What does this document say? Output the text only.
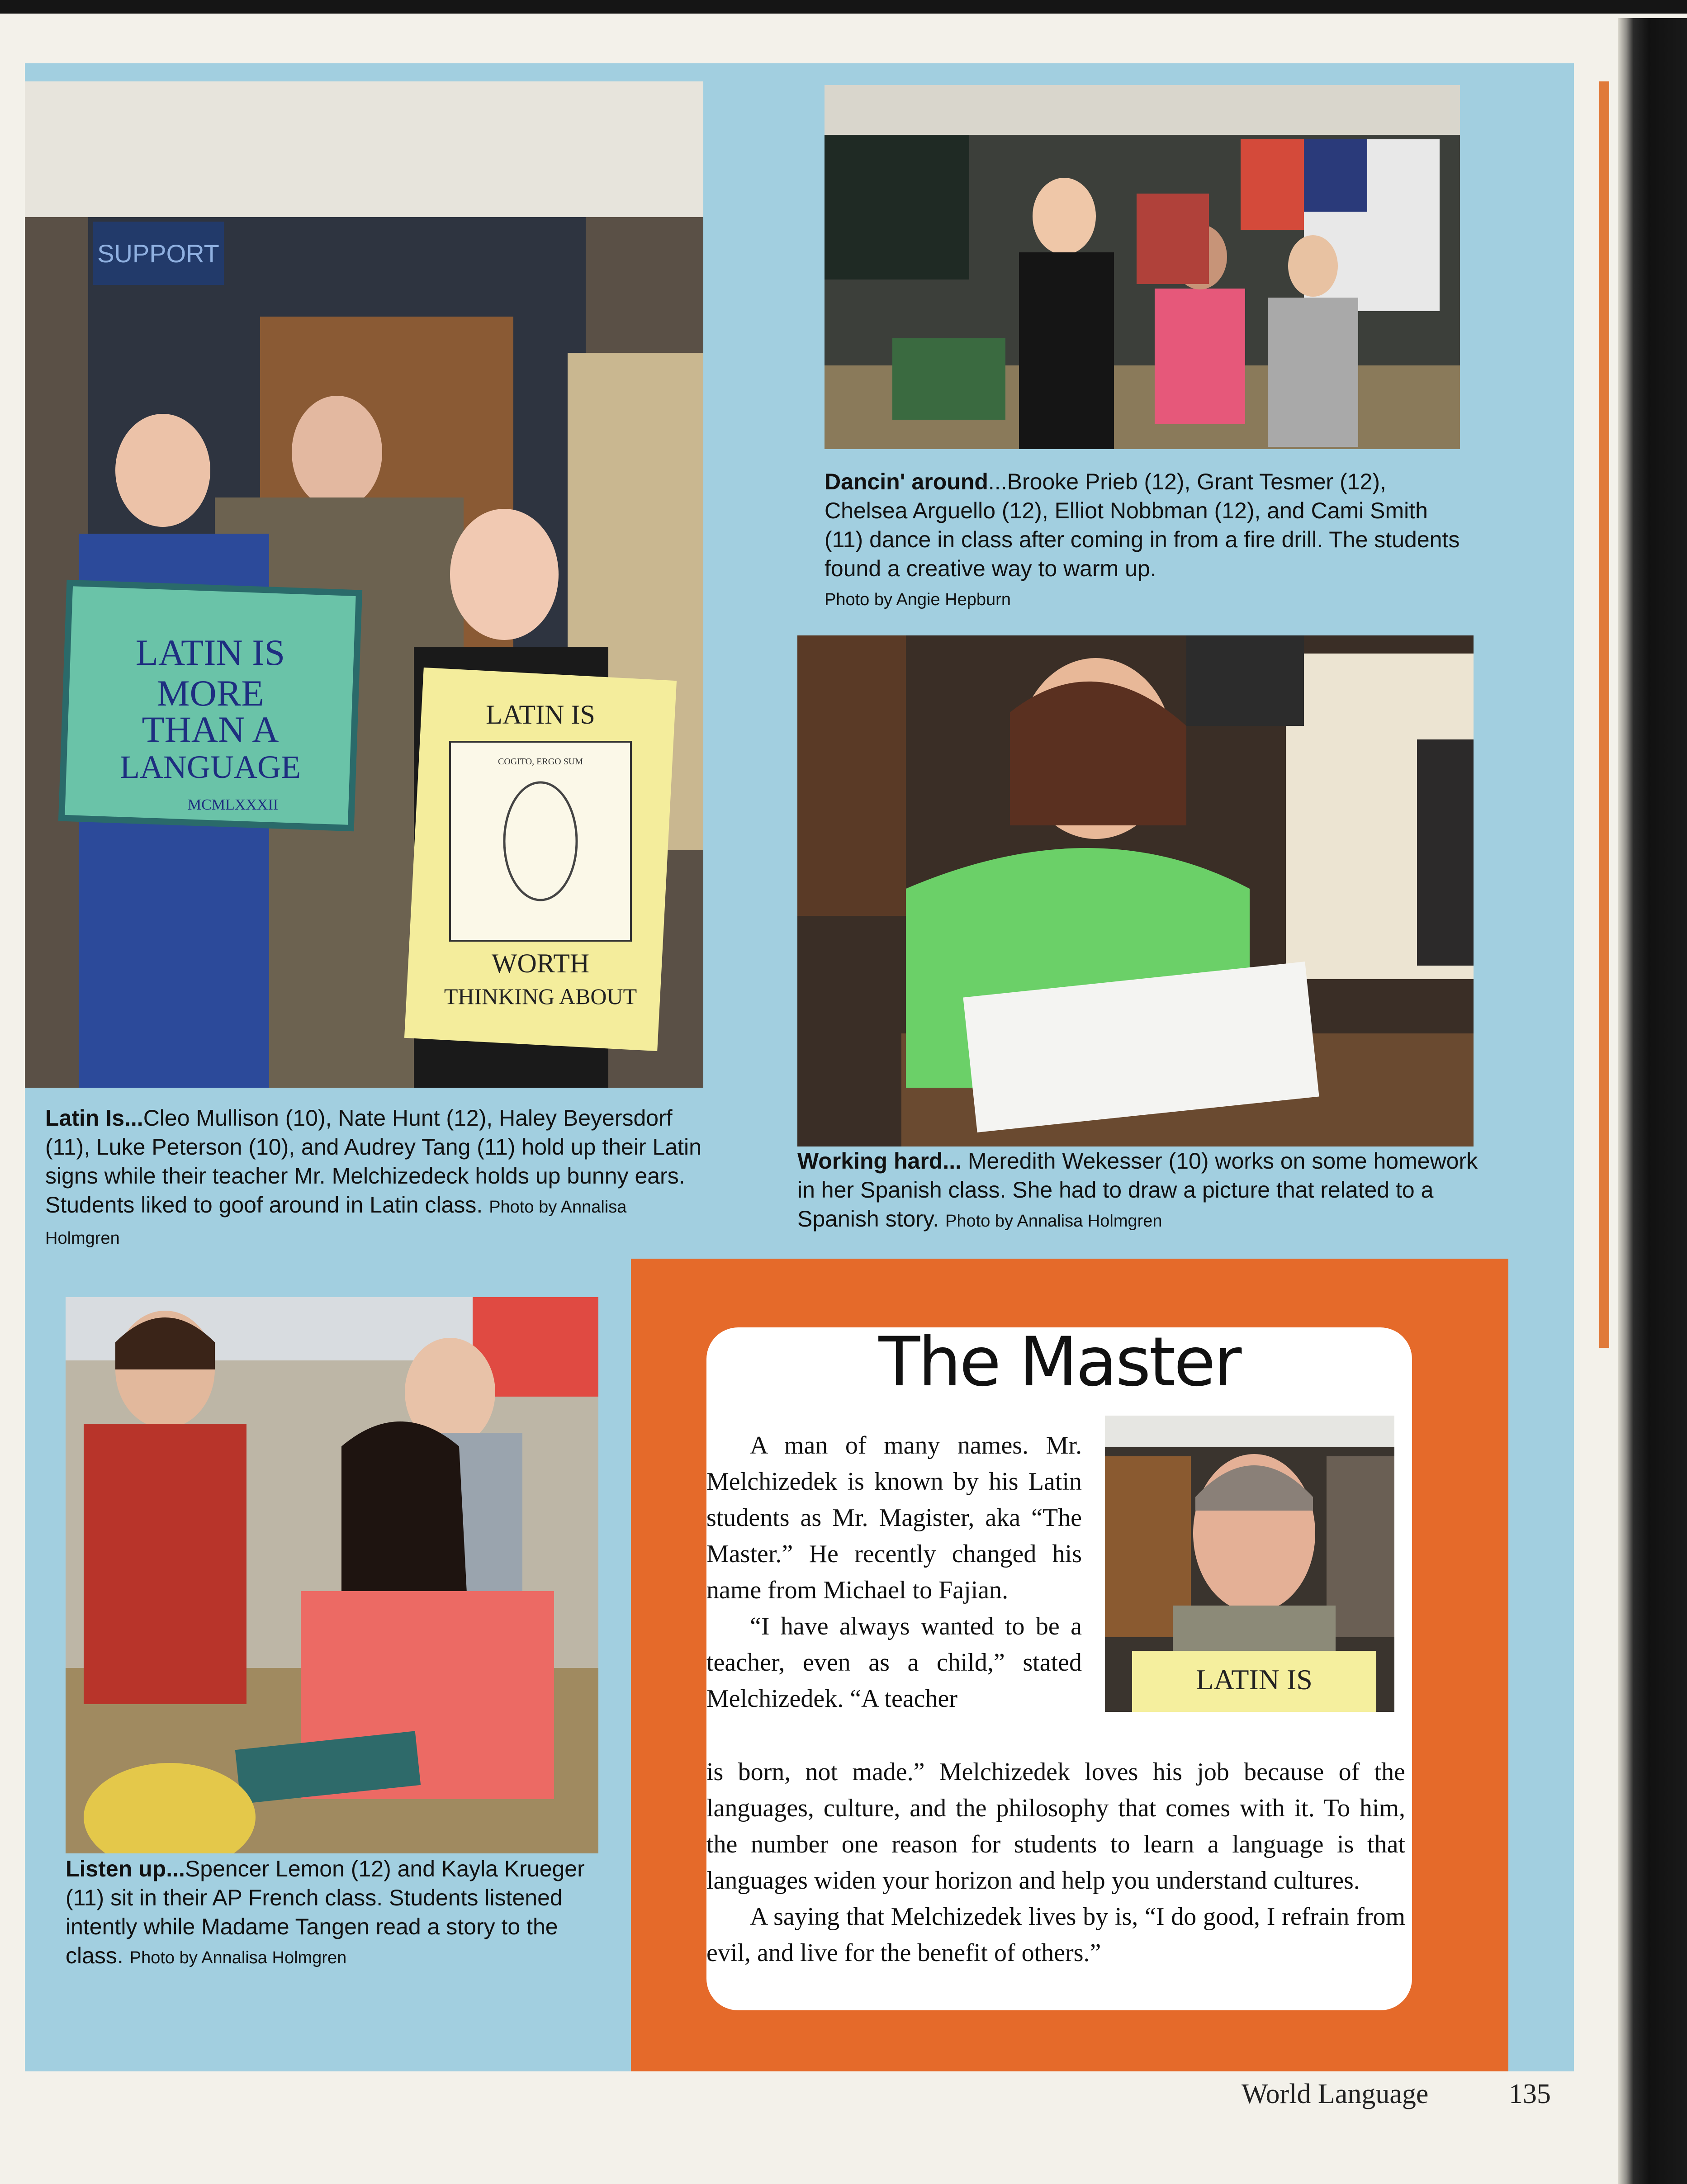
SUPPORT
LATIN IS
MORE
THAN A
LANGUAGE
MCMLXXXII
LATIN IS
COGITO, ERGO SUM
WORTH
THINKING ABOUT
Dancin' around...Brooke Prieb (12), Grant Tesmer (12), Chelsea Arguello (12), Elliot Nobbman (12), and Cami Smith (11) dance in class after coming in from a fire drill. The students found a creative way to warm up.
Photo by Angie Hepburn
Working hard... Meredith Wekesser (10) works on some homework in her Spanish class. She had to draw a picture that related to a Spanish story. Photo by Annalisa Holmgren
Latin Is...Cleo Mullison (10), Nate Hunt (12), Haley Beyersdorf (11), Luke Peterson (10), and Audrey Tang (11) hold up their Latin signs while their teacher Mr. Melchizedeck holds up bunny ears. Students liked to goof around in Latin class. Photo by Annalisa Holmgren
Listen up...Spencer Lemon (12) and Kayla Krueger (11) sit in their AP French class. Students listened intently while Madame Tangen read a story to the class. Photo by Annalisa Holmgren
The Master
LATIN IS

A man of many names. Mr. Melchizedek is known by his Latin students as Mr. Magister, aka “The Master.” He recently changed his name from Michael to Fajian.

“I have always wanted to be a teacher, even as a child,” stated Melchizedek. “A teacher

is born, not made.” Melchizedek loves his job because of the languages, culture, and the philosophy that comes with it. To him, the number one reason for students to learn a language is that languages widen your horizon and help you understand cultures.

A saying that Melchizedek lives by is, “I do good, I refrain from evil, and live for the benefit of others.”

World Language	135
